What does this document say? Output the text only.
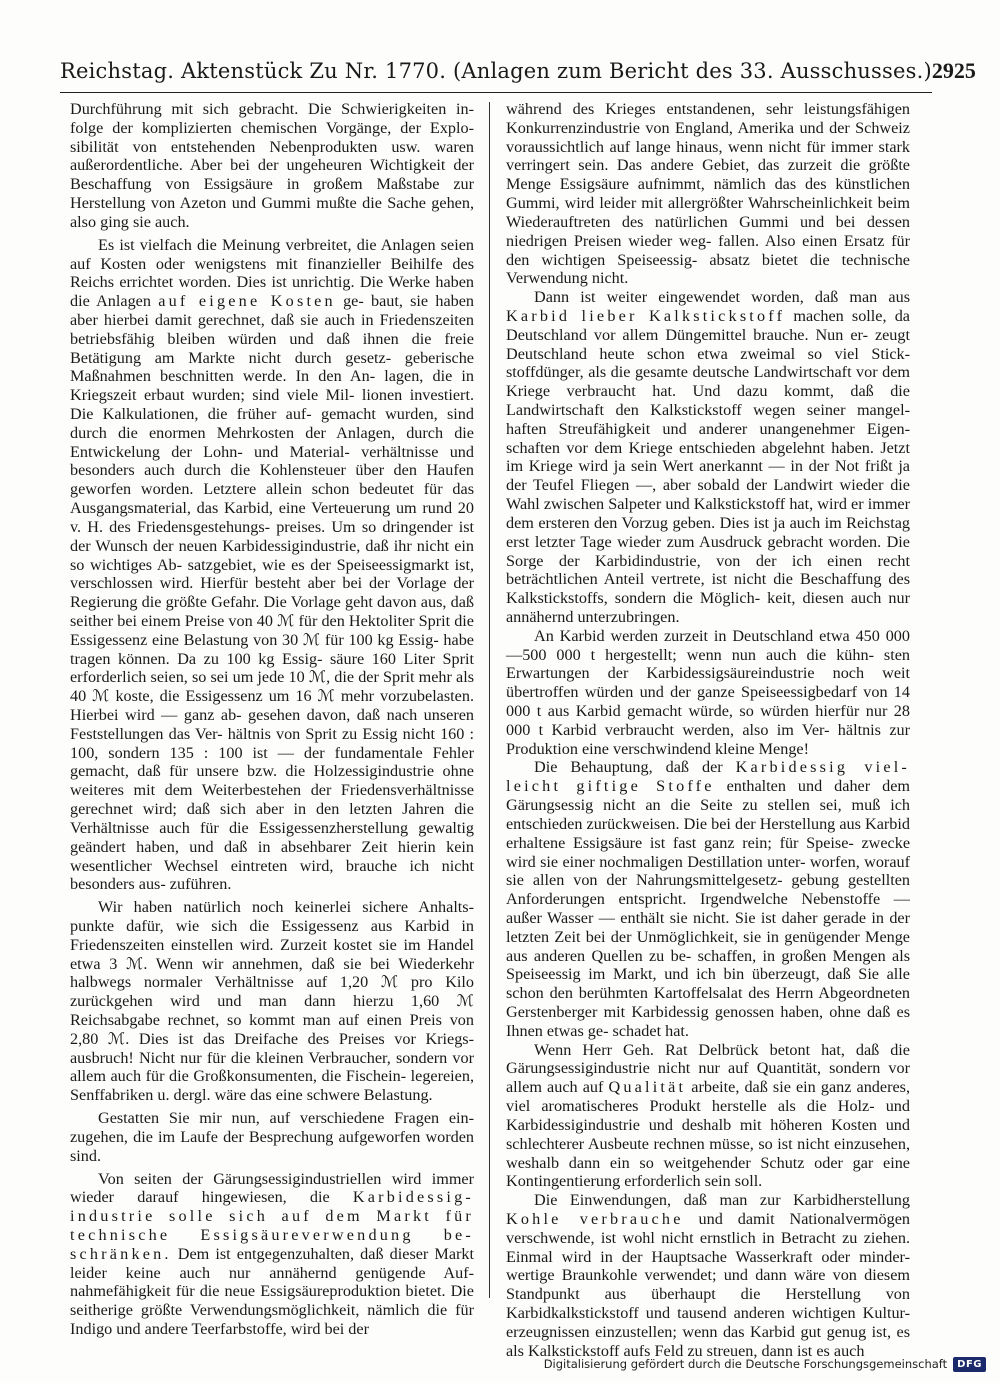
Reichstag. Aktenstück Zu Nr. 1770. (Anlagen zum Bericht des 33. Ausschusses.) 2925

Durchführung mit sich gebracht. Die Schwierigkeiten in- folge der komplizierten chemischen Vorgänge, der Explo- sibilität von entstehenden Nebenprodukten usw. waren außerordentliche. Aber bei der ungeheuren Wichtigkeit der Beschaffung von Essigsäure in großem Maßstabe zur Herstellung von Azeton und Gummi mußte die Sache gehen, also ging sie auch.

Es ist vielfach die Meinung verbreitet, die Anlagen seien auf Kosten oder wenigstens mit finanzieller Beihilfe des Reichs errichtet worden. Dies ist unrichtig. Die Werke haben die Anlagen auf eigene Kosten ge- baut, sie haben aber hierbei damit gerechnet, daß sie auch in Friedenszeiten betriebsfähig bleiben würden und daß ihnen die freie Betätigung am Markte nicht durch gesetz- geberische Maßnahmen beschnitten werde. In den An- lagen, die in Kriegszeit erbaut wurden; sind viele Mil- lionen investiert. Die Kalkulationen, die früher auf- gemacht wurden, sind durch die enormen Mehrkosten der Anlagen, durch die Entwickelung der Lohn- und Material- verhältnisse und besonders auch durch die Kohlensteuer über den Haufen geworfen worden. Letztere allein schon bedeutet für das Ausgangsmaterial, das Karbid, eine Verteuerung um rund 20 v. H. des Friedensgestehungs- preises. Um so dringender ist der Wunsch der neuen Karbidessigindustrie, daß ihr nicht ein so wichtiges Ab- satzgebiet, wie es der Speiseessigmarkt ist, verschlossen wird. Hierfür besteht aber bei der Vorlage der Regierung die größte Gefahr. Die Vorlage geht davon aus, daß seither bei einem Preise von 40 ℳ für den Hektoliter Sprit die Essigessenz eine Belastung von 30 ℳ für 100 kg Essig- habe tragen können. Da zu 100 kg Essig- säure 160 Liter Sprit erforderlich seien, so sei um jede 10 ℳ, die der Sprit mehr als 40 ℳ koste, die Essigessenz um 16 ℳ mehr vorzubelasten. Hierbei wird — ganz ab- gesehen davon, daß nach unseren Feststellungen das Ver- hältnis von Sprit zu Essig nicht 160 : 100, sondern 135 : 100 ist — der fundamentale Fehler gemacht, daß für unsere bzw. die Holzessigindustrie ohne weiteres mit dem Weiterbestehen der Friedensverhältnisse gerechnet wird; daß sich aber in den letzten Jahren die Verhältnisse auch für die Essigessenzherstellung gewaltig geändert haben, und daß in absehbarer Zeit hierin kein wesentlicher Wechsel eintreten wird, brauche ich nicht besonders aus- zuführen.

Wir haben natürlich noch keinerlei sichere Anhalts- punkte dafür, wie sich die Essigessenz aus Karbid in Friedenszeiten einstellen wird. Zurzeit kostet sie im Handel etwa 3 ℳ. Wenn wir annehmen, daß sie bei Wiederkehr halbwegs normaler Verhältnisse auf 1,20 ℳ pro Kilo zurückgehen wird und man dann hierzu 1,60 ℳ Reichsabgabe rechnet, so kommt man auf einen Preis von 2,80 ℳ. Dies ist das Dreifache des Preises vor Kriegs- ausbruch! Nicht nur für die kleinen Verbraucher, sondern vor allem auch für die Großkonsumenten, die Fischein- legereien, Senffabriken u. dergl. wäre das eine schwere Belastung.

Gestatten Sie mir nun, auf verschiedene Fragen ein- zugehen, die im Laufe der Besprechung aufgeworfen worden sind.

Von seiten der Gärungsessigindustriellen wird immer wieder darauf hingewiesen, die Karbidessig- industrie solle sich auf dem Markt für technische Essigsäureverwendung be- schränken. Dem ist entgegenzuhalten, daß dieser Markt leider keine auch nur annähernd genügende Auf- nahmefähigkeit für die neue Essigsäureproduktion bietet. Die seitherige größte Verwendungsmöglichkeit, nämlich die für Indigo und andere Teerfarbstoffe, wird bei der

während des Krieges entstandenen, sehr leistungsfähigen Konkurrenzindustrie von England, Amerika und der Schweiz voraussichtlich auf lange hinaus, wenn nicht für immer stark verringert sein. Das andere Gebiet, das zurzeit die größte Menge Essigsäure aufnimmt, nämlich das des künstlichen Gummi, wird leider mit allergrößter Wahrscheinlichkeit beim Wiederauftreten des natürlichen Gummi und bei dessen niedrigen Preisen wieder weg- fallen. Also einen Ersatz für den wichtigen Speiseessig- absatz bietet die technische Verwendung nicht.

Dann ist weiter eingewendet worden, daß man aus Karbid lieber Kalkstickstoff machen solle, da Deutschland vor allem Düngemittel brauche. Nun er- zeugt Deutschland heute schon etwa zweimal so viel Stick- stoffdünger, als die gesamte deutsche Landwirtschaft vor dem Kriege verbraucht hat. Und dazu kommt, daß die Landwirtschaft den Kalkstickstoff wegen seiner mangel- haften Streufähigkeit und anderer unangenehmer Eigen- schaften vor dem Kriege entschieden abgelehnt haben. Jetzt im Kriege wird ja sein Wert anerkannt — in der Not frißt ja der Teufel Fliegen —, aber sobald der Landwirt wieder die Wahl zwischen Salpeter und Kalkstickstoff hat, wird er immer dem ersteren den Vorzug geben. Dies ist ja auch im Reichstag erst letzter Tage wieder zum Ausdruck gebracht worden. Die Sorge der Karbidindustrie, von der ich einen recht beträchtlichen Anteil vertrete, ist nicht die Beschaffung des Kalkstickstoffs, sondern die Möglich- keit, diesen auch nur annähernd unterzubringen.

An Karbid werden zurzeit in Deutschland etwa 450 000—500 000 t hergestellt; wenn nun auch die kühn- sten Erwartungen der Karbidessigsäureindustrie noch weit übertroffen würden und der ganze Speiseessigbedarf von 14 000 t aus Karbid gemacht würde, so würden hierfür nur 28 000 t Karbid verbraucht werden, also im Ver- hältnis zur Produktion eine verschwindend kleine Menge!

Die Behauptung, daß der Karbidessig viel- leicht giftige Stoffe enthalten und daher dem Gärungsessig nicht an die Seite zu stellen sei, muß ich entschieden zurückweisen. Die bei der Herstellung aus Karbid erhaltene Essigsäure ist fast ganz rein; für Speise- zwecke wird sie einer nochmaligen Destillation unter- worfen, worauf sie allen von der Nahrungsmittelgesetz- gebung gestellten Anforderungen entspricht. Irgendwelche Nebenstoffe — außer Wasser — enthält sie nicht. Sie ist daher gerade in der letzten Zeit bei der Unmöglichkeit, sie in genügender Menge aus anderen Quellen zu be- schaffen, in großen Mengen als Speiseessig im Markt, und ich bin überzeugt, daß Sie alle schon den berühmten Kartoffelsalat des Herrn Abgeordneten Gerstenberger mit Karbidessig genossen haben, ohne daß es Ihnen etwas ge- schadet hat.

Wenn Herr Geh. Rat Delbrück betont hat, daß die Gärungsessigindustrie nicht nur auf Quantität, sondern vor allem auch auf Qualität arbeite, daß sie ein ganz anderes, viel aromatischeres Produkt herstelle als die Holz- und Karbidessigindustrie und deshalb mit höheren Kosten und schlechterer Ausbeute rechnen müsse, so ist nicht einzusehen, weshalb dann ein so weitgehender Schutz oder gar eine Kontingentierung erforderlich sein soll.

Die Einwendungen, daß man zur Karbidherstellung Kohle verbrauche und damit Nationalvermögen verschwende, ist wohl nicht ernstlich in Betracht zu ziehen. Einmal wird in der Hauptsache Wasserkraft oder minder- wertige Braunkohle verwendet; und dann wäre von diesem Standpunkt aus überhaupt die Herstellung von Karbidkalkstickstoff und tausend anderen wichtigen Kultur- erzeugnissen einzustellen; wenn das Karbid gut genug ist, es als Kalkstickstoff aufs Feld zu streuen, dann ist es auch

Digitalisierung gefördert durch die Deutsche Forschungsgemeinschaft	DFG
